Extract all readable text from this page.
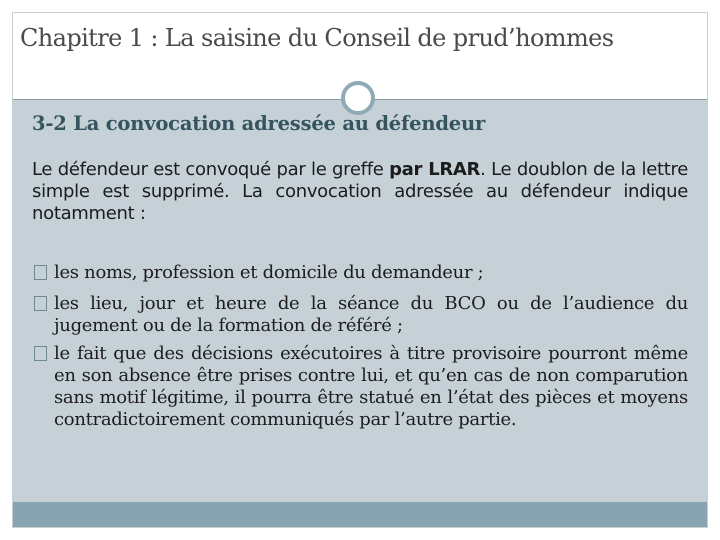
Chapitre 1 : La saisine du Conseil de prud’hommes
3-2 La convocation adressée au défendeur
Le défendeur est convoqué par le greffe par LRAR. Le doublon de la lettre simple est supprimé. La convocation adressée au défendeur indique notamment :
les noms, profession et domicile du demandeur ;
les lieu, jour et heure de la séance du BCO ou de l’audience du jugement ou de la formation de référé ;
le fait que des décisions exécutoires à titre provisoire pourront même en son absence être prises contre lui, et qu’en cas de non comparution sans motif légitime, il pourra être statué en l’état des pièces et moyens contradictoirement communiqués par l’autre partie.
